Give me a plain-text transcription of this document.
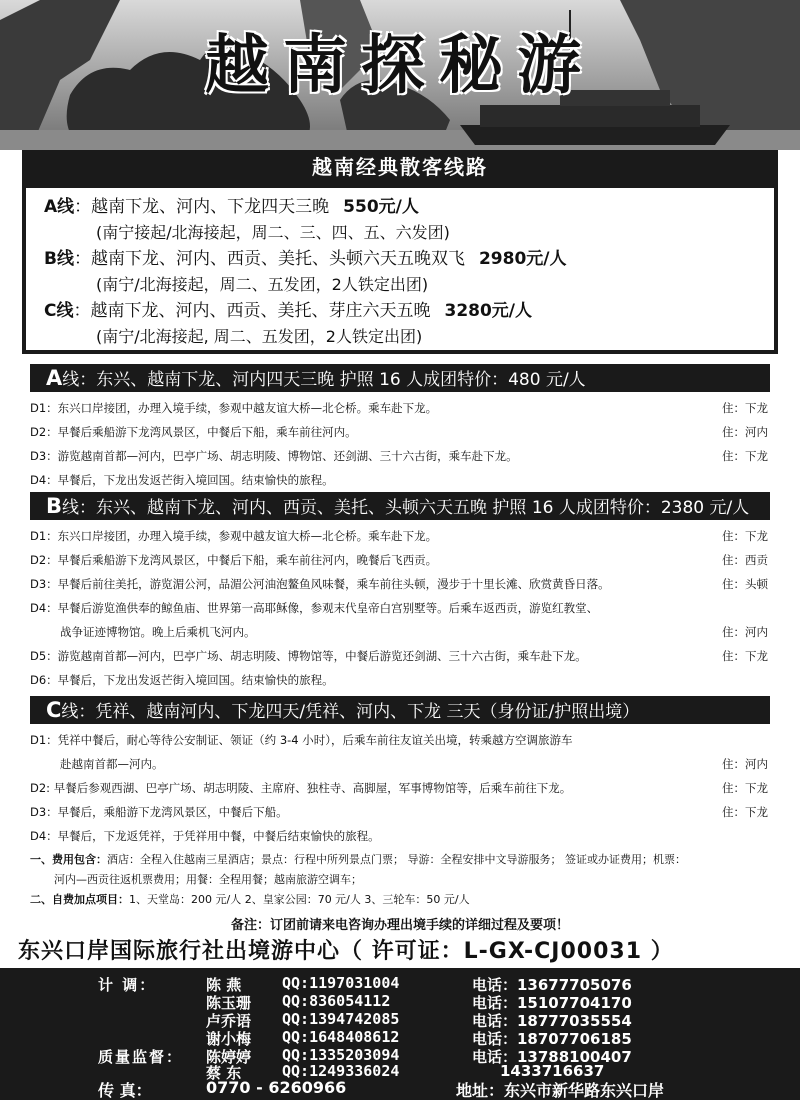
越南探秘游
越南经典散客线路
A线：越南下龙、河内、下龙四天三晚 550元/人
(南宁接起/北海接起，周二、三、四、五、六发团)
B线：越南下龙、河内、西贡、美托、头顿六天五晚双飞 2980元/人
(南宁/北海接起，周二、五发团，2人铁定出团)
C线：越南下龙、河内、西贡、美托、芽庄六天五晚 3280元/人
(南宁/北海接起, 周二、五发团，2人铁定出团)
A线：东兴、越南下龙、河内四天三晚 护照 16 人成团特价：480 元/人
D1：东兴口岸接团，办理入境手续，参观中越友谊大桥—北仑桥。乘车赴下龙。	住：下龙
D2：早餐后乘船游下龙湾风景区，中餐后下船，乘车前往河内。	住：河内
D3：游览越南首都—河内，巴亭广场、胡志明陵、博物馆、还剑湖、三十六古街，乘车赴下龙。	住：下龙
D4：早餐后，下龙出发返芒街入境回国。结束愉快的旅程。
B线：东兴、越南下龙、河内、西贡、美托、头顿六天五晚 护照 16 人成团特价：2380 元/人
D1：东兴口岸接团，办理入境手续，参观中越友谊大桥—北仑桥。乘车赴下龙。	住：下龙
D2：早餐后乘船游下龙湾风景区，中餐后下船，乘车前往河内，晚餐后飞西贡。	住：西贡
D3：早餐后前往美托，游览湄公河，品湄公河油泡鳌鱼风味餐，乘车前往头顿，漫步于十里长滩、欣赏黄昏日落。	住：头顿
D4：早餐后游览渔供奉的鲸鱼庙、世界第一高耶稣像，参观末代皇帝白宫别墅等。后乘车返西贡，游览红教堂、
战争证迹博物馆。晚上后乘机飞河内。	住：河内
D5：游览越南首都—河内，巴亭广场、胡志明陵、博物馆等，中餐后游览还剑湖、三十六古街，乘车赴下龙。	住：下龙
D6：早餐后，下龙出发返芒街入境回国。结束愉快的旅程。
C线：凭祥、越南河内、下龙四天/凭祥、河内、下龙 三天（身份证/护照出境）
D1：凭祥中餐后，耐心等待公安制证、领证（约 3-4 小时），后乘车前往友谊关出境，转乘越方空调旅游车
赴越南首都—河内。	住：河内
D2: 早餐后参观西湖、巴亭广场、胡志明陵、主席府、独柱寺、高脚屋，军事博物馆等，后乘车前往下龙。	住：下龙
D3：早餐后，乘船游下龙湾风景区，中餐后下船。	住：下龙
D4：早餐后，下龙返凭祥，于凭祥用中餐，中餐后结束愉快的旅程。
一、费用包含：酒店：全程入住越南三星酒店；景点：行程中所列景点门票； 导游：全程安排中文导游服务； 签证或办证费用；机票：
河内—西贡往返机票费用；用餐：全程用餐；越南旅游空调车；
二、自费加点项目：1、天堂岛：200 元/人 2、皇家公园：70 元/人 3、三轮车：50 元/人
备注：订团前请来电咨询办理出境手续的详细过程及要项！
东兴口岸国际旅行社出境游中心（ 许可证：L-GX-CJ00031 ）
计 调：	陈 燕	QQ:1197031004	电话：13677705076
陈玉珊 QQ:836054112	电话：15107704170
卢乔语 QQ:1394742085	电话：18777035554
谢小梅 QQ:1648408612	电话：18707706185
质量监督： 陈婷婷 QQ:1335203094	电话：13788100407
蔡 东	QQ:1249336024	1433716637
传 真：	0770 - 6260966	地址：东兴市新华路东兴口岸
